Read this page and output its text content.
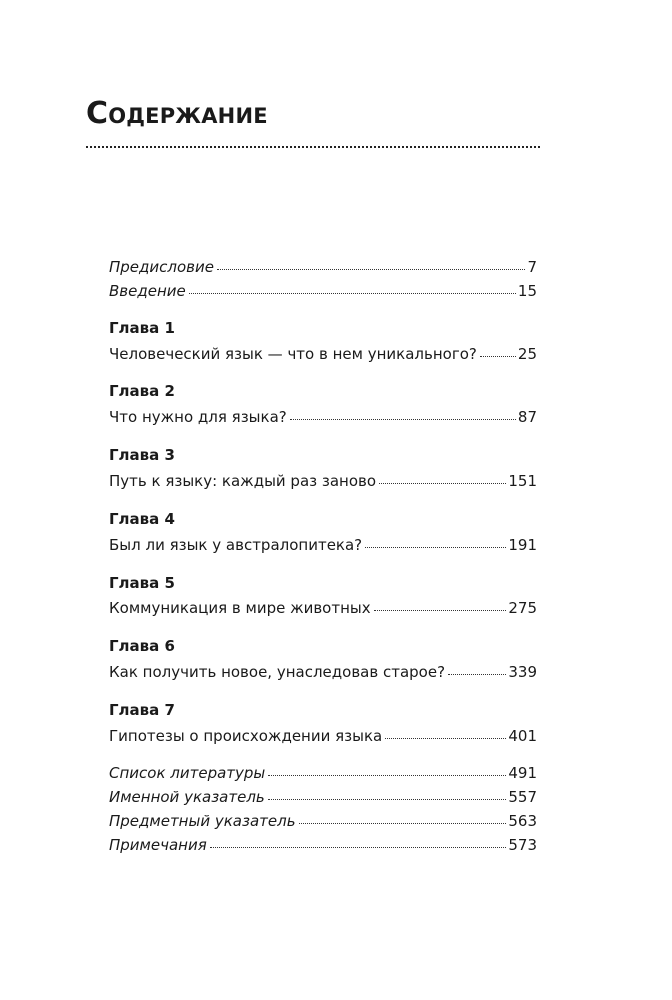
Содержание
Предисловие	7
Введение	15
Глава 1
Человеческий язык — что в нем уникального?	25
Глава 2
Что нужно для языка?	87
Глава 3
Путь к языку: каждый раз заново	151
Глава 4
Был ли язык у австралопитека?	191
Глава 5
Коммуникация в мире животных	275
Глава 6
Как получить новое, унаследовав старое?	339
Глава 7
Гипотезы о происхождении языка	401
Список литературы	491
Именной указатель	557
Предметный указатель	563
Примечания	573
